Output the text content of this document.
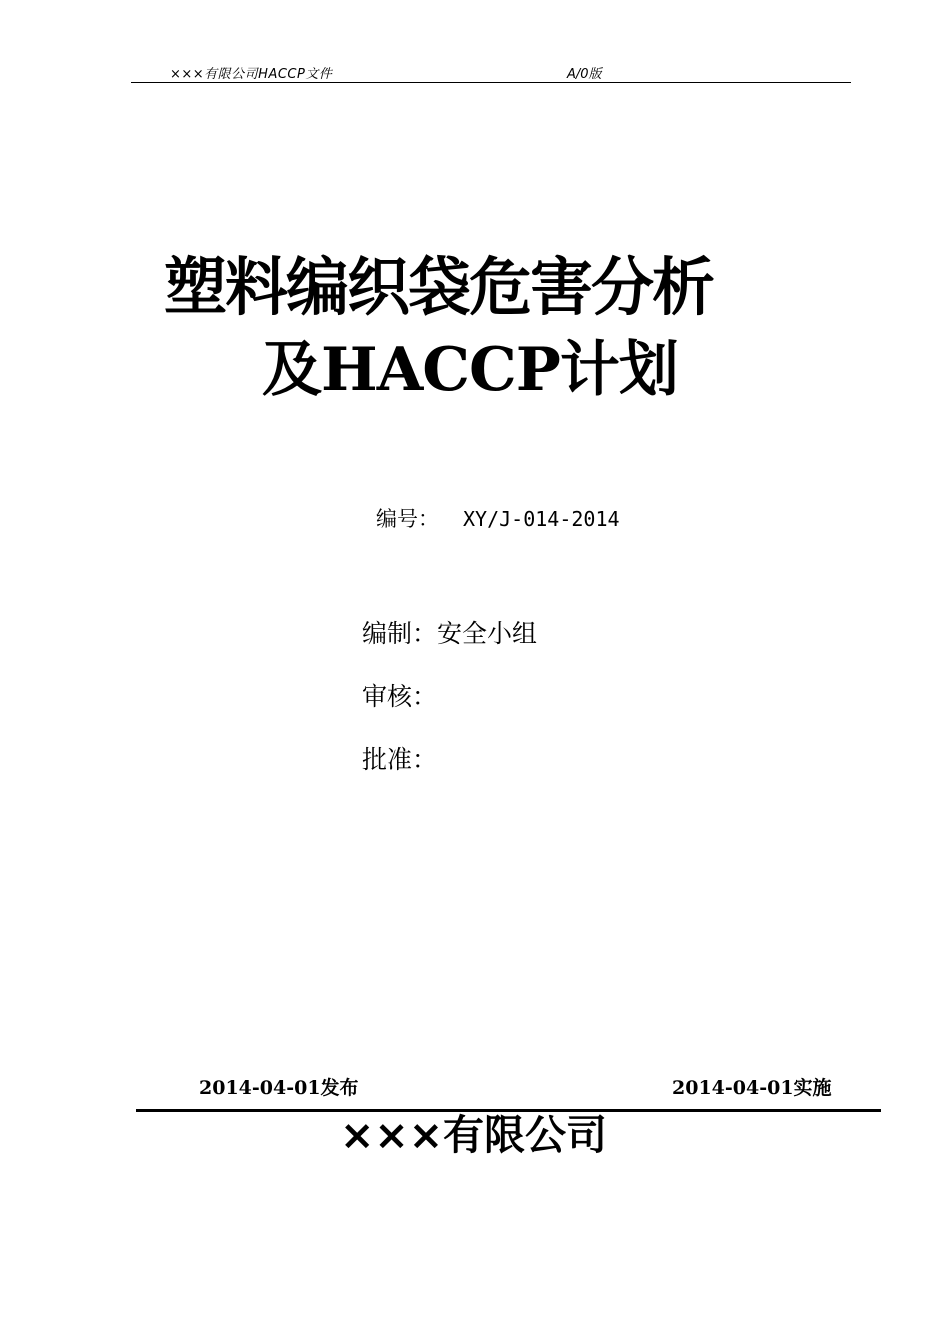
×××有限公司HACCP文件	A/0版
塑料编织袋危害分析
及HACCP计划
编号： XY/J-014-2014
编制：安全小组
审核：
批准：
2014-04-01发布	2014-04-01实施
×××有限公司
